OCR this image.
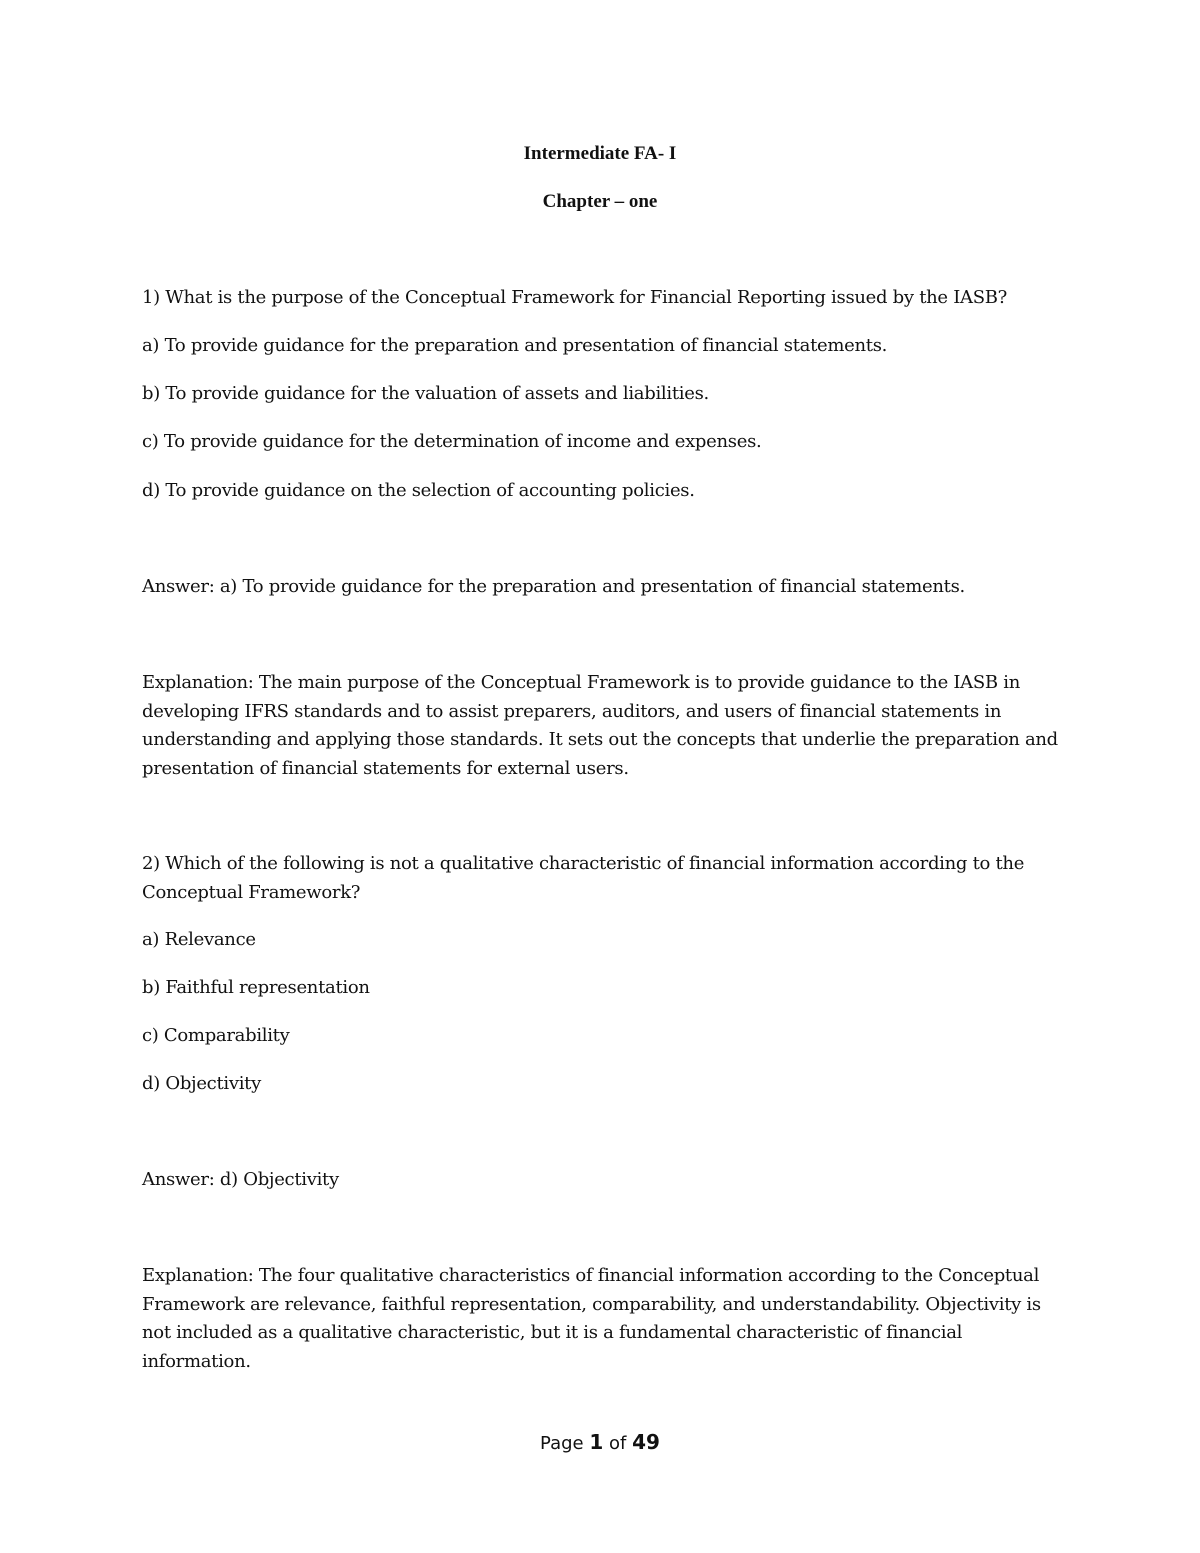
Intermediate FA- I
Chapter – one
1) What is the purpose of the Conceptual Framework for Financial Reporting issued by the IASB?
a) To provide guidance for the preparation and presentation of financial statements.
b) To provide guidance for the valuation of assets and liabilities.
c) To provide guidance for the determination of income and expenses.
d) To provide guidance on the selection of accounting policies.
Answer: a) To provide guidance for the preparation and presentation of financial statements.
Explanation: The main purpose of the Conceptual Framework is to provide guidance to the IASB in developing IFRS standards and to assist preparers, auditors, and users of financial statements in understanding and applying those standards. It sets out the concepts that underlie the preparation and presentation of financial statements for external users.
2) Which of the following is not a qualitative characteristic of financial information according to the Conceptual Framework?
a) Relevance
b) Faithful representation
c) Comparability
d) Objectivity
Answer: d) Objectivity
Explanation: The four qualitative characteristics of financial information according to the Conceptual Framework are relevance, faithful representation, comparability, and understandability. Objectivity is not included as a qualitative characteristic, but it is a fundamental characteristic of financial information.
Page 1 of 49
